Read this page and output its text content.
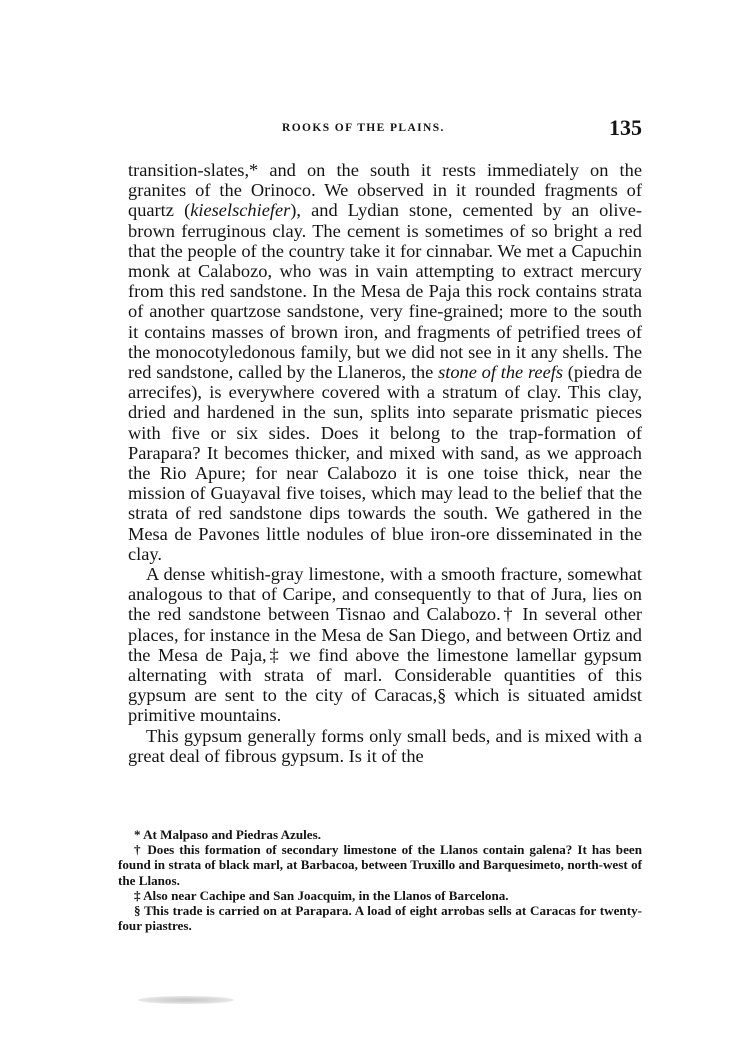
ROOKS OF THE PLAINS.	135

transition-slates,* and on the south it rests immediately on the granites of the Orinoco. We observed in it rounded fragments of quartz (kieselschiefer), and Lydian stone, cemented by an olive-brown ferruginous clay. The cement is sometimes of so bright a red that the people of the country take it for cinnabar. We met a Capuchin monk at Calabozo, who was in vain attempting to extract mercury from this red sandstone. In the Mesa de Paja this rock contains strata of another quartzose sandstone, very fine-grained; more to the south it contains masses of brown iron, and fragments of petrified trees of the monocotyledonous family, but we did not see in it any shells. The red sandstone, called by the Llaneros, the stone of the reefs (piedra de arrecifes), is everywhere covered with a stratum of clay. This clay, dried and hardened in the sun, splits into separate prismatic pieces with five or six sides. Does it belong to the trap-formation of Parapara? It becomes thicker, and mixed with sand, as we approach the Rio Apure; for near Calabozo it is one toise thick, near the mission of Guayaval five toises, which may lead to the belief that the strata of red sandstone dips towards the south. We gathered in the Mesa de Pavones little nodules of blue iron-ore disseminated in the clay.

A dense whitish-gray limestone, with a smooth fracture, somewhat analogous to that of Caripe, and consequently to that of Jura, lies on the red sandstone between Tisnao and Calabozo.† In several other places, for instance in the Mesa de San Diego, and between Ortiz and the Mesa de Paja,‡ we find above the limestone lamellar gypsum alternating with strata of marl. Considerable quantities of this gypsum are sent to the city of Caracas,§ which is situated amidst primitive mountains.

This gypsum generally forms only small beds, and is mixed with a great deal of fibrous gypsum. Is it of the

* At Malpaso and Piedras Azules.

† Does this formation of secondary limestone of the Llanos contain galena? It has been found in strata of black marl, at Barbacoa, between Truxillo and Barquesimeto, north-west of the Llanos.

‡ Also near Cachipe and San Joacquim, in the Llanos of Barcelona.

§ This trade is carried on at Parapara. A load of eight arrobas sells at Caracas for twenty-four piastres.
